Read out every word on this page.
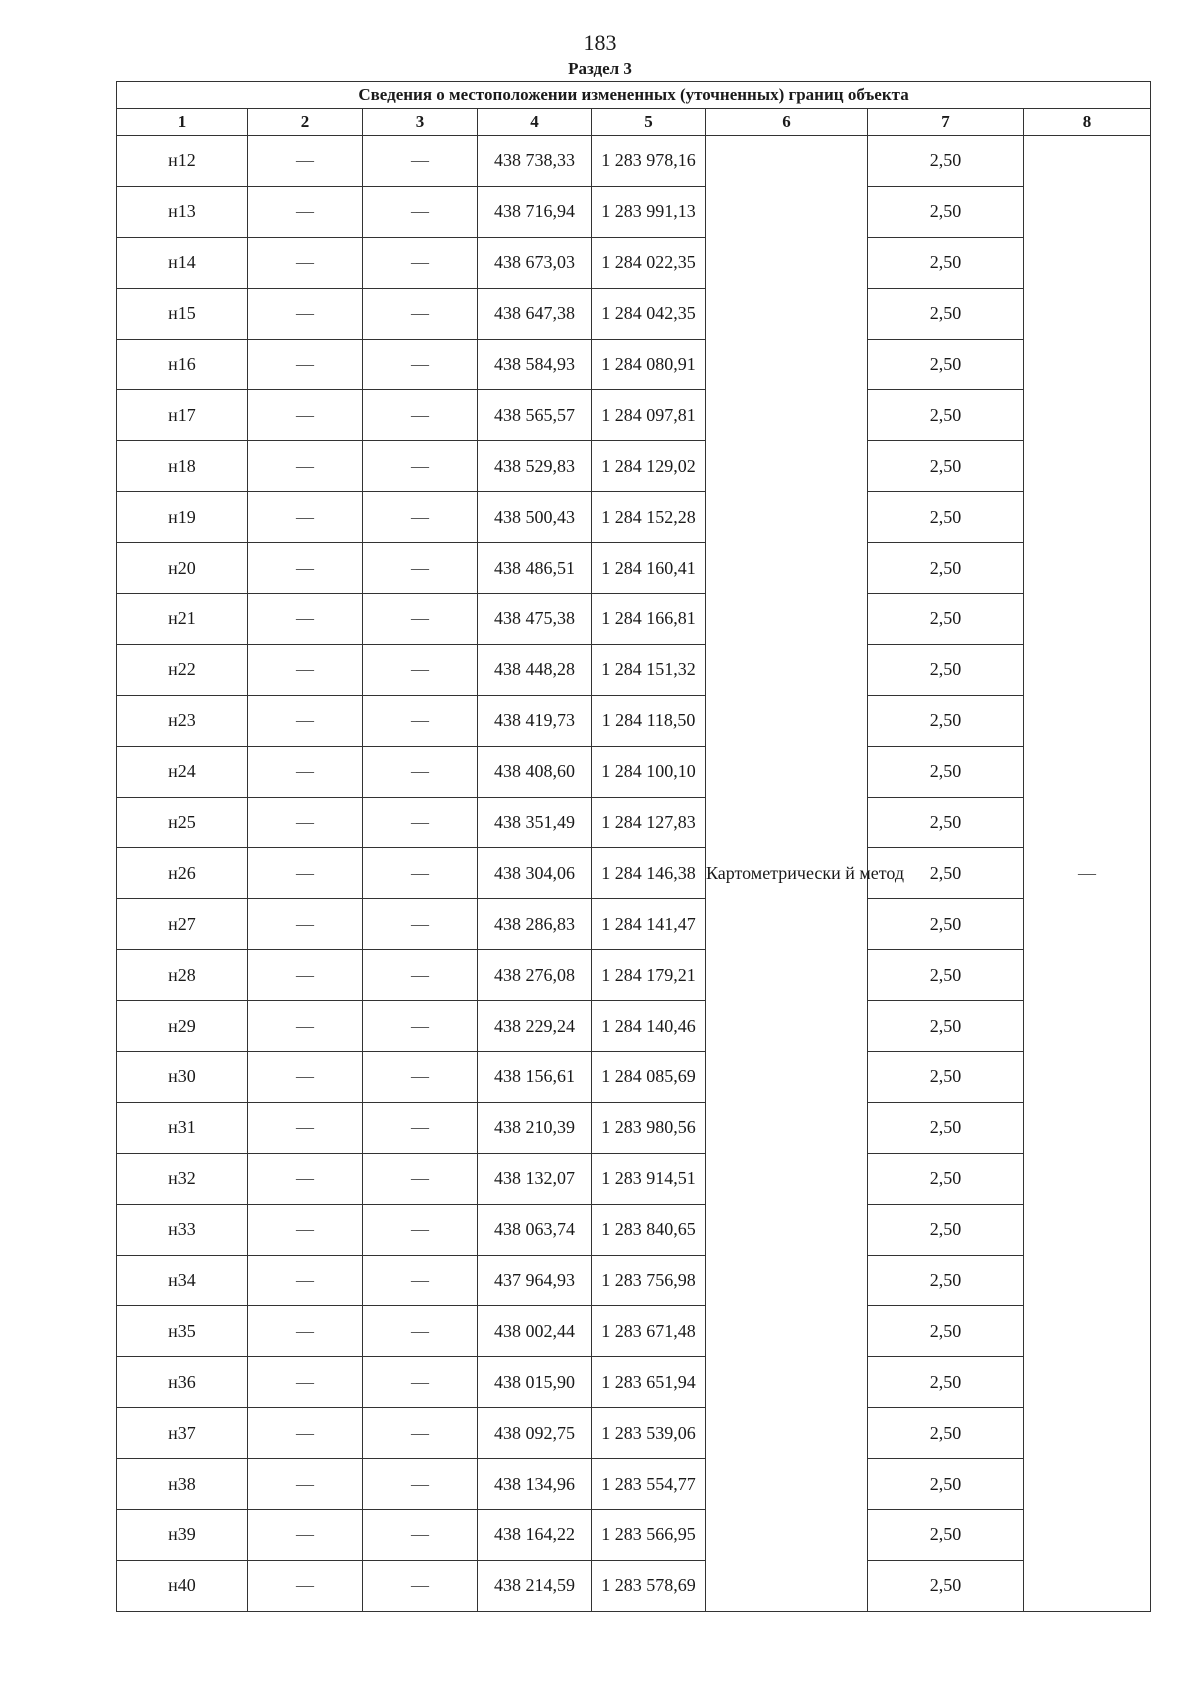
183
Раздел 3
Сведения о местоположении измененных (уточненных) границ объекта							
1	2	3	4	5	6	7	8
н12	—	—	438 738,33	1 283 978,16	Картометрически й метод	2,50	—
н13	—	—	438 716,94	1 283 991,13		2,50	
н14	—	—	438 673,03	1 284 022,35		2,50	
н15	—	—	438 647,38	1 284 042,35		2,50	
н16	—	—	438 584,93	1 284 080,91		2,50	
н17	—	—	438 565,57	1 284 097,81		2,50	
н18	—	—	438 529,83	1 284 129,02		2,50	
н19	—	—	438 500,43	1 284 152,28		2,50	
н20	—	—	438 486,51	1 284 160,41		2,50	
н21	—	—	438 475,38	1 284 166,81		2,50	
н22	—	—	438 448,28	1 284 151,32		2,50	
н23	—	—	438 419,73	1 284 118,50		2,50	
н24	—	—	438 408,60	1 284 100,10		2,50	
н25	—	—	438 351,49	1 284 127,83		2,50	
н26	—	—	438 304,06	1 284 146,38		2,50	
н27	—	—	438 286,83	1 284 141,47		2,50	
н28	—	—	438 276,08	1 284 179,21		2,50	
н29	—	—	438 229,24	1 284 140,46		2,50	
н30	—	—	438 156,61	1 284 085,69		2,50	
н31	—	—	438 210,39	1 283 980,56		2,50	
н32	—	—	438 132,07	1 283 914,51		2,50	
н33	—	—	438 063,74	1 283 840,65		2,50	
н34	—	—	437 964,93	1 283 756,98		2,50	
н35	—	—	438 002,44	1 283 671,48		2,50	
н36	—	—	438 015,90	1 283 651,94		2,50	
н37	—	—	438 092,75	1 283 539,06		2,50	
н38	—	—	438 134,96	1 283 554,77		2,50	
н39	—	—	438 164,22	1 283 566,95		2,50	
н40	—	—	438 214,59	1 283 578,69		2,50	
